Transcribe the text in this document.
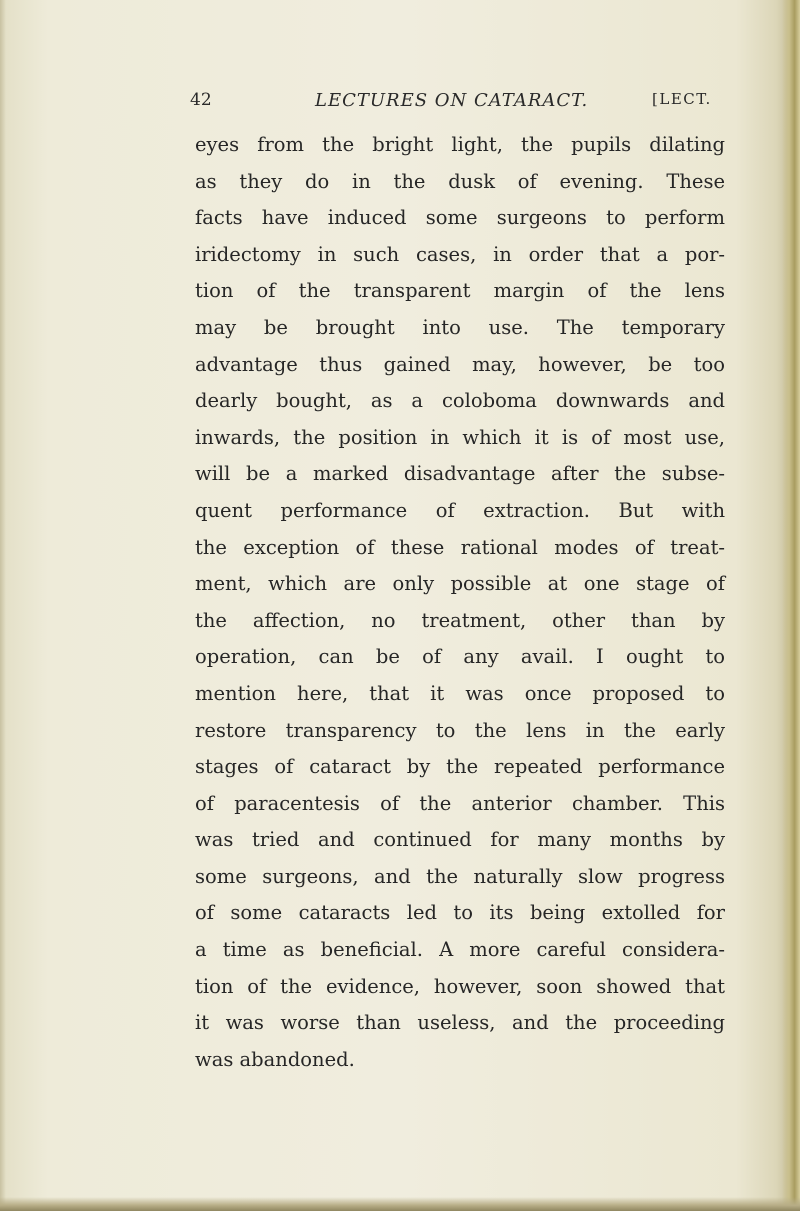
42	LECTURES ON CATARACT.	[LECT.
eyes from the bright light, the pupils dilating
as they do in the dusk of evening. These
facts have induced some surgeons to perform
iridectomy in such cases, in order that a por-
tion of the transparent margin of the lens
may be brought into use. The temporary
advantage thus gained may, however, be too
dearly bought, as a coloboma downwards and
inwards, the position in which it is of most use,
will be a marked disadvantage after the subse-
quent performance of extraction. But with
the exception of these rational modes of treat-
ment, which are only possible at one stage of
the affection, no treatment, other than by
operation, can be of any avail. I ought to
mention here, that it was once proposed to
restore transparency to the lens in the early
stages of cataract by the repeated performance
of paracentesis of the anterior chamber. This
was tried and continued for many months by
some surgeons, and the naturally slow progress
of some cataracts led to its being extolled for
a time as beneficial. A more careful considera-
tion of the evidence, however, soon showed that
it was worse than useless, and the proceeding
was abandoned.
